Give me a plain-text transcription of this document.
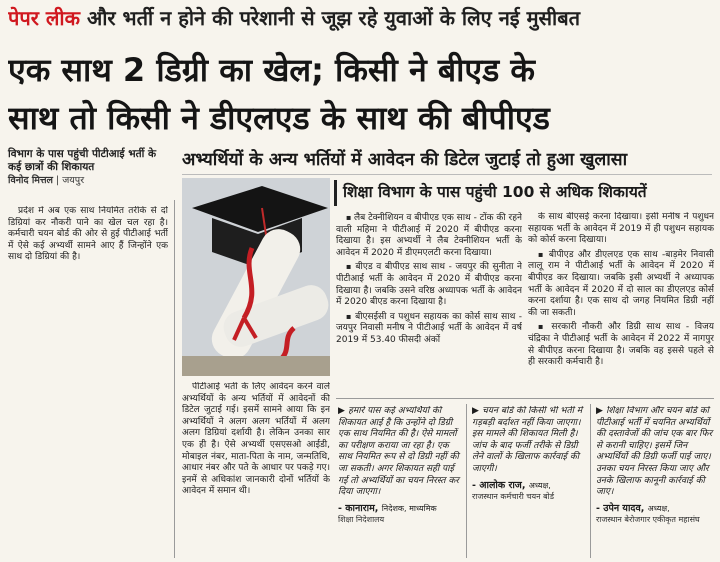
पेपर लीक और भर्ती न होने की परेशानी से जूझ रहे युवाओं के लिए नई मुसीबत
एक साथ 2 डिग्री का खेल; किसी ने बीएड के
साथ तो किसी ने डीएलएड के साथ की बीपीएड
विभाग के पास पहुंची पीटीआई भर्ती के कई छात्रों की शिकायत
विनोद मित्तल | जयपुर
अभ्यर्थियों के अन्य भर्तियों में आवेदन की डिटेल जुटाई तो हुआ खुलासा
शिक्षा विभाग के पास पहुंची 100 से अधिक शिकायतें

प्रदेश में अब एक साथ नियमित तरीके से दो डिग्रियां कर नौकरी पाने का खेल चल रहा है। कर्मचारी चयन बोर्ड की ओर से हुई पीटीआई भर्ती में ऐसे कई अभ्यर्थी सामने आए हैं जिन्होंने एक साथ दो डिग्रियां की है।

पीटीआई भर्ती के लिए आवेदन करने वाले अभ्यर्थियों के अन्य भर्तियों में आवेदनों की डिटेल जुटाई गई। इसमें सामने आया कि इन अभ्यर्थियों ने अलग अलग भर्तियों में अलग अलग डिग्रियां दर्शायी है। लेकिन उनका सार एक ही है। ऐसे अभ्यर्थी एसएसओ आईडी, मोबाइल नंबर, माता-पिता के नाम, जन्मतिथि, आधार नंबर और पते के आधार पर पकड़े गए। इनमें से अधिकांश जानकारी दोनों भर्तियों के आवेदन में समान थी।

▪ लैब टेक्नीशियन व बीपीएड एक साथ - टोंक की रहने वाली महिमा ने पीटीआई में 2020 में बीपीएड करना दिखाया है। इस अभ्यर्थी ने लैब टेक्नीशियन भर्ती के आवेदन में 2020 में डीएमएलटी करना दिखाया।

▪ बीएड व बीपीएड साथ साथ - जयपुर की सुनीता ने पीटीआई भर्ती के आवेदन में 2020 में बीपीएड करना दिखाया है। जबकि उसने वरिष्ठ अध्यापक भर्ती के आवेदन में 2020 बीएड करना दिखाया है।

▪ बीएसईसी व पशुधन सहायक का कोर्स साथ साथ - जयपुर निवासी मनीष ने पीटीआई भर्ती के आवेदन में वर्ष 2019 में 53.40 फीसदी अंकों

के साथ बीएसई करना दिखाया। इसी मनीष ने पशुधन सहायक भर्ती के आवेदन में 2019 में ही पशुधन सहायक को कोर्स करना दिखाया।

▪ बीपीएड और डीएलएड एक साथ -बाड़मेर निवासी लालू राम ने पीटीआई भर्ती के आवेदन में 2020 में बीपीएड कर दिखाया। जबकि इसी अभ्यर्थी ने अध्यापक भर्ती के आवेदन में 2020 में दो साल का डीएलएड कोर्स करना दर्शाया है। एक साथ दो जगह नियमित डिग्री नहीं की जा सकती।

▪ सरकारी नौकरी और डिग्री साथ साथ - विजय चंद्रिका ने पीटीआई भर्ती के आवेदन में 2022 में नागपुर से बीपीएड करना दिखाया है। जबकि वह इससे पहले से ही सरकारी कर्मचारी है।

▶ हमारे पास कई अभ्यर्थियों की शिकायत आई है कि उन्होंने दो डिग्री एक साथ नियमित की है। ऐसे मामलों का परीक्षण कराया जा रहा है। एक साथ नियमित रूप से दो डिग्री नहीं की जा सकती। अगर शिकायत सही पाई गई तो अभ्यर्थियों का चयन निरस्त कर दिया जाएगा।
- कानाराम, निदेशक, माध्यमिक
शिक्षा निदेशालय
▶ चयन बोर्ड की किसी भी भर्ती में गड़बड़ी बर्दाश्त नहीं किया जाएगा। इस मामले की शिकायत मिली है। जांच के बाद फर्जी तरीके से डिग्री लेने वालों के खिलाफ कार्रवाई की जाएगी।
- आलोक राज, अध्यक्ष,
राजस्थान कर्मचारी चयन बोर्ड
▶ शिक्षा विभाग और चयन बोर्ड को पीटीआई भर्ती में चयनित अभ्यर्थियों की दस्तावेजों की जांच एक बार फिर से करानी चाहिए। इसमें जिन अभ्यर्थियों की डिग्री फर्जी पाई जाए। उनका चयन निरस्त किया जाए और उनके खिलाफ कानूनी कार्रवाई की जाए।
- उपेन यादव, अध्यक्ष,
राजस्थान बेरोजगार एकीकृत महासंघ
